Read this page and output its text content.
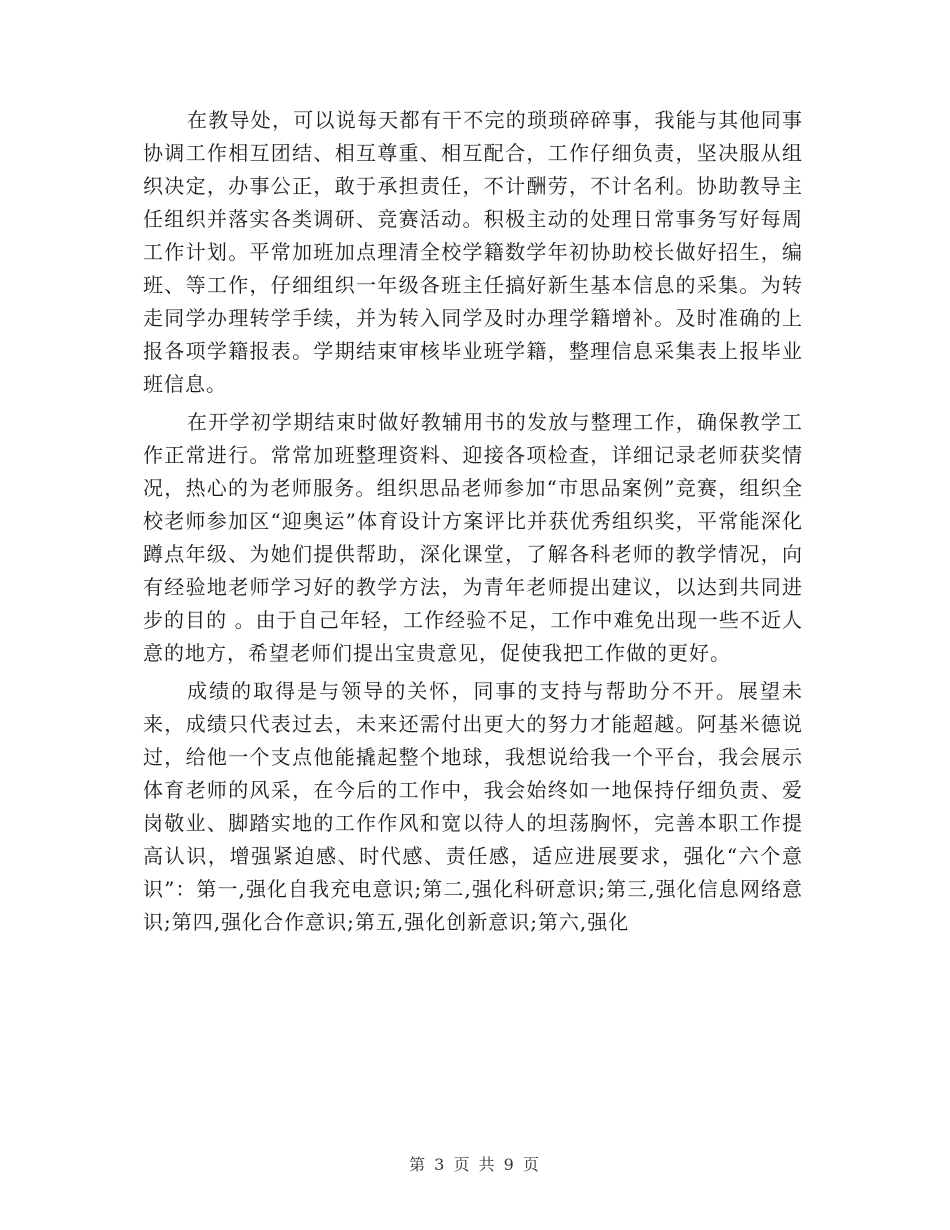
在教导处，可以说每天都有干不完的琐琐碎碎事，我能与其他同事协调工作相互团结、相互尊重、相互配合，工作仔细负责，坚决服从组织决定，办事公正，敢于承担责任，不计酬劳，不计名利。协助教导主任组织并落实各类调研、竞赛活动。积极主动的处理日常事务写好每周工作计划。平常加班加点理清全校学籍数学年初协助校长做好招生，编班、等工作，仔细组织一年级各班主任搞好新生基本信息的采集。为转走同学办理转学手续，并为转入同学及时办理学籍增补。及时准确的上报各项学籍报表。学期结束审核毕业班学籍，整理信息采集表上报毕业班信息。

在开学初学期结束时做好教辅用书的发放与整理工作，确保教学工作正常进行。常常加班整理资料、迎接各项检查，详细记录老师获奖情况，热心的为老师服务。组织思品老师参加“市思品案例”竞赛，组织全校老师参加区“迎奥运”体育设计方案评比并获优秀组织奖，平常能深化蹲点年级、为她们提供帮助，深化课堂，了解各科老师的教学情况，向有经验地老师学习好的教学方法，为青年老师提出建议，以达到共同进步的目的 。由于自己年轻，工作经验不足，工作中难免出现一些不近人意的地方，希望老师们提出宝贵意见，促使我把工作做的更好。

成绩的取得是与领导的关怀，同事的支持与帮助分不开。展望未来，成绩只代表过去，未来还需付出更大的努力才能超越。阿基米德说过，给他一个支点他能撬起整个地球，我想说给我一个平台，我会展示体育老师的风采，在今后的工作中，我会始终如一地保持仔细负责、爱岗敬业、脚踏实地的工作作风和宽以待人的坦荡胸怀，完善本职工作提高认识，增强紧迫感、时代感、责任感，适应进展要求，强化“六个意识”：第一,强化自我充电意识;第二,强化科研意识;第三,强化信息网络意识;第四,强化合作意识;第五,强化创新意识;第六,强化

第 3 页 共 9 页
